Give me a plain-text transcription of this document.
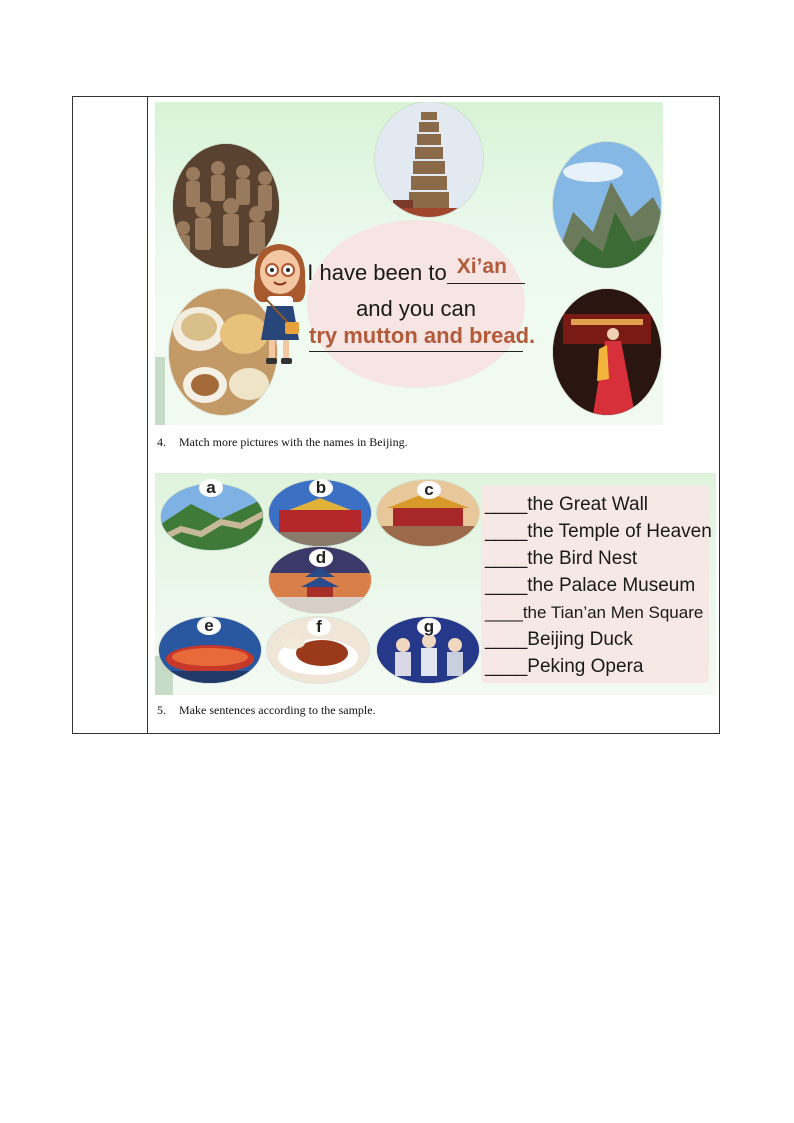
I have been to Xi’an
and you can
try mutton and bread.
4. Match more pictures with the names in Beijing.
a	b	c
d
e	f	g
____the Great Wall
____the Temple of Heaven
____the Bird Nest
____the Palace Museum
____the Tian’an Men Square
____Beijing Duck
____Peking Opera
5. Make sentences according to the sample.
